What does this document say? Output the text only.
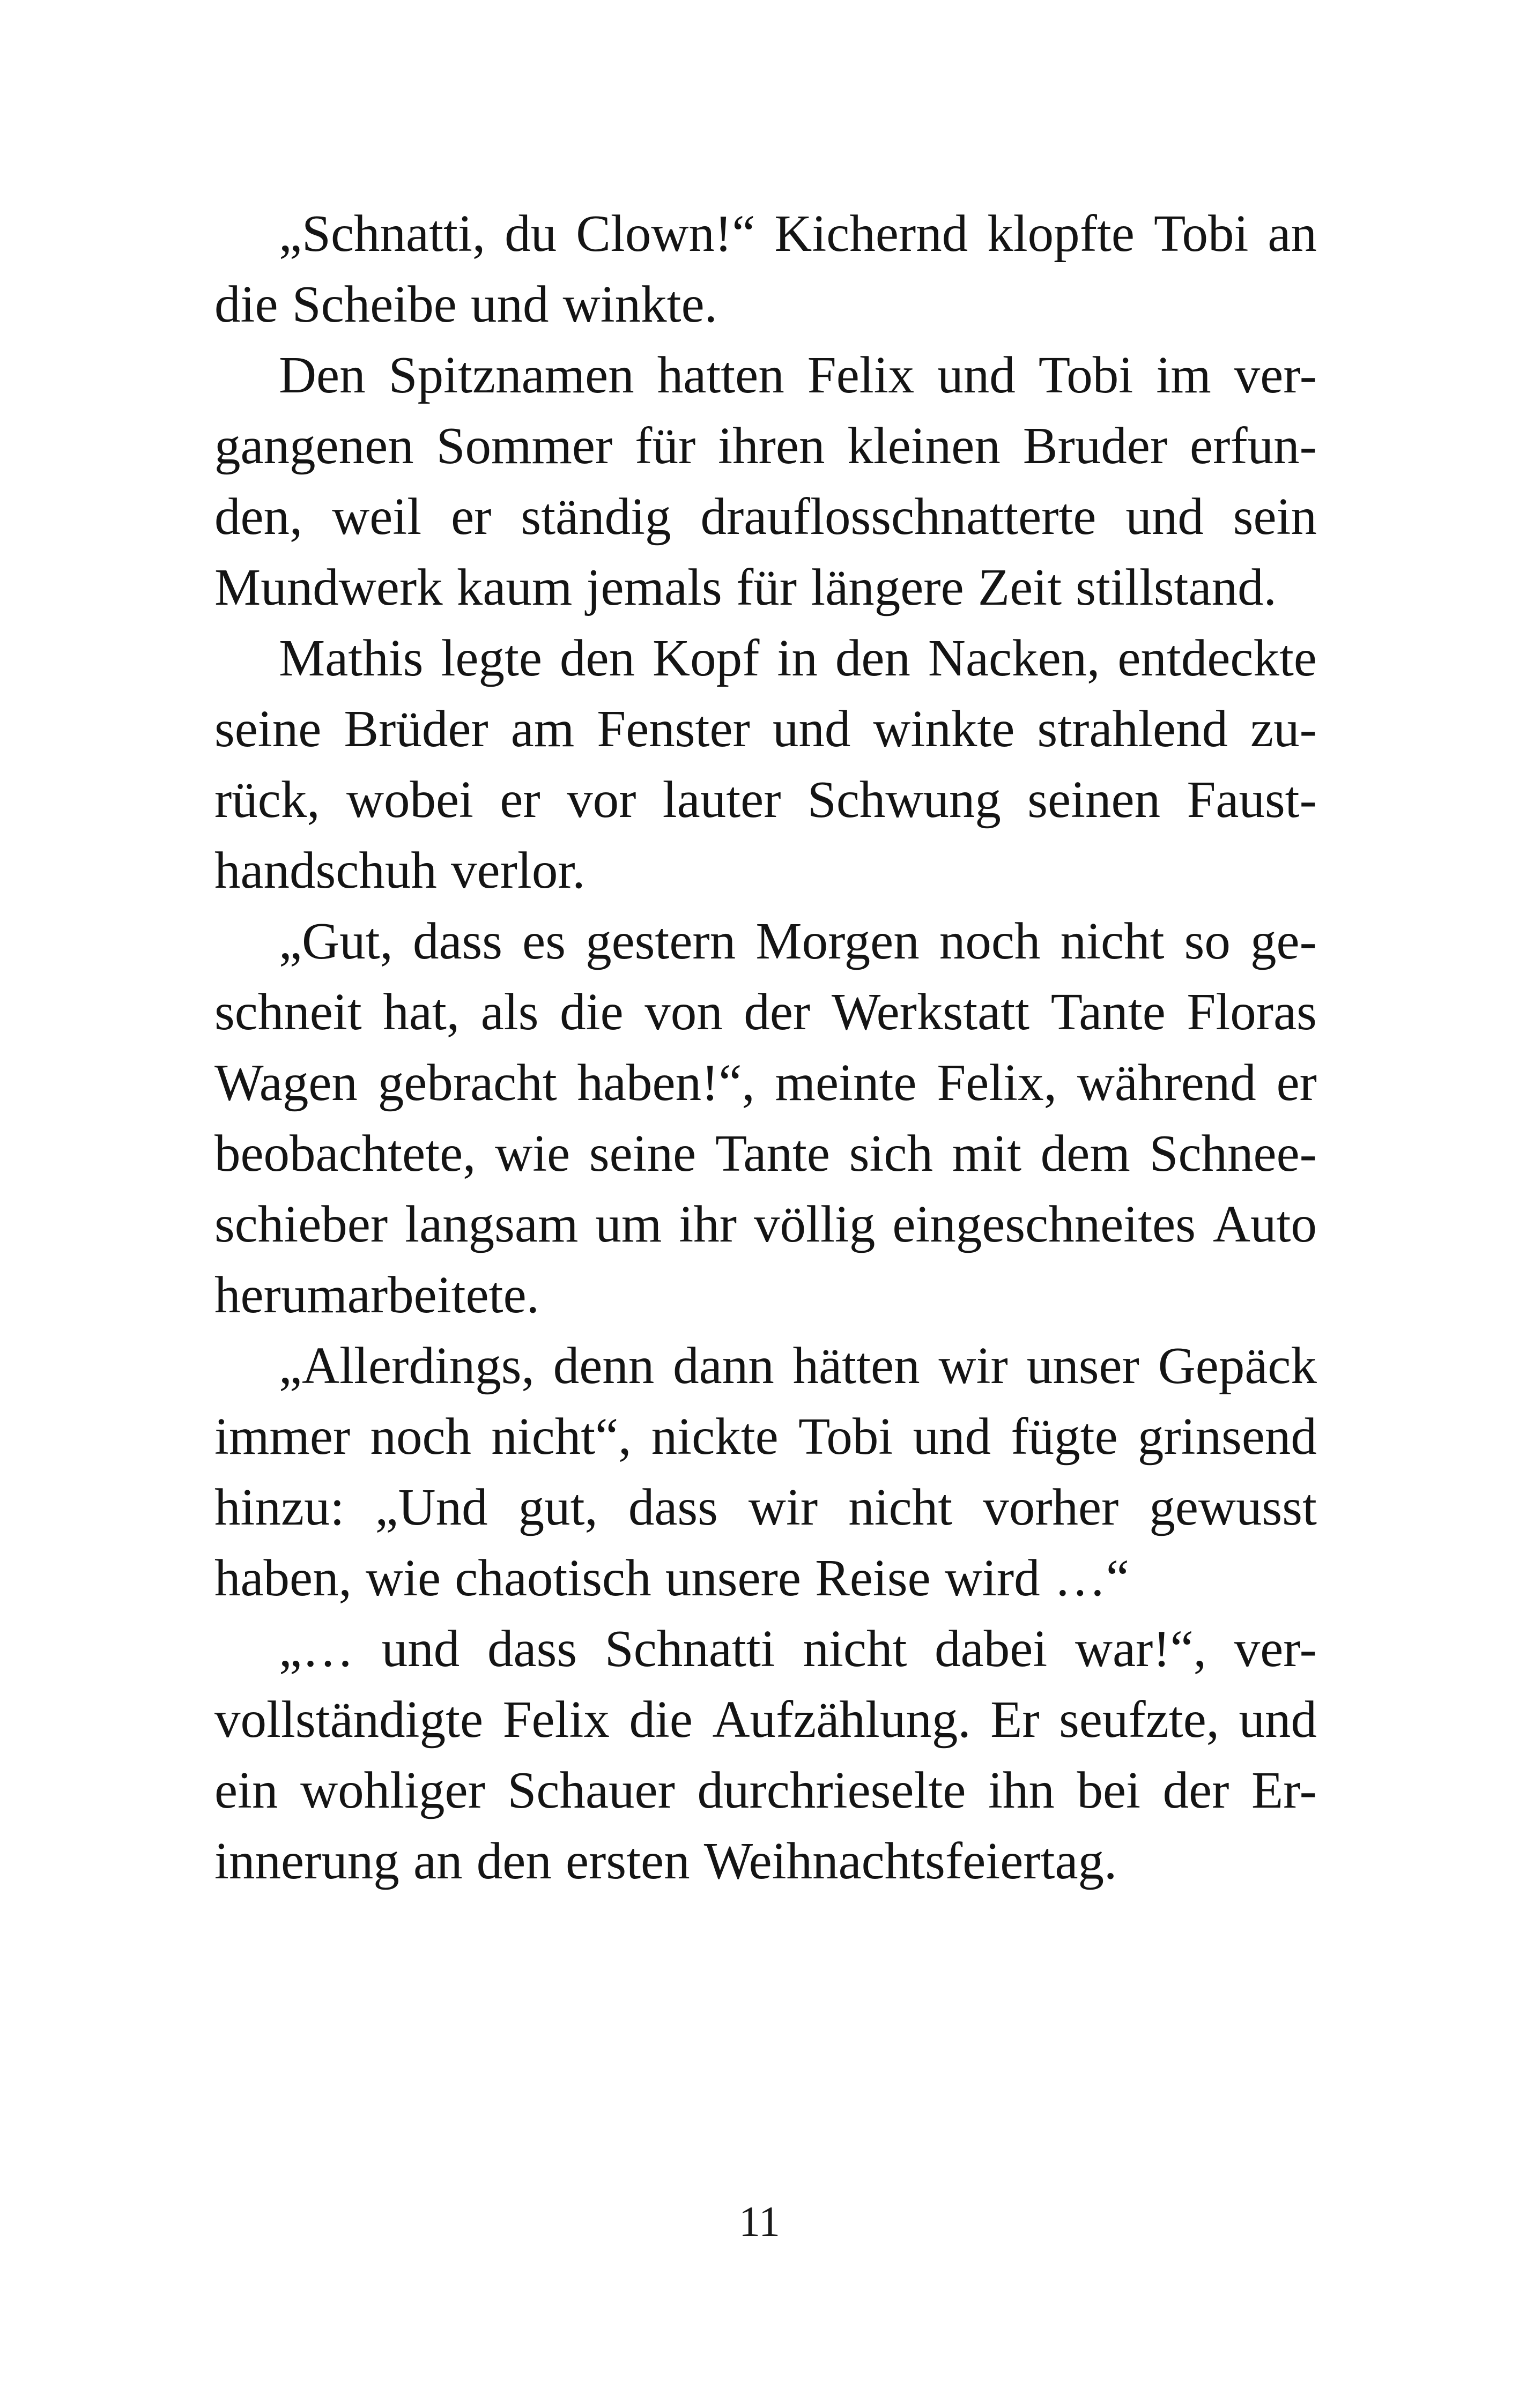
„Schnatti, du Clown!“ Kichernd klopfte Tobi an
die Scheibe und winkte.
Den Spitznamen hatten Felix und Tobi im ver-
gangenen Sommer für ihren kleinen Bruder erfun-
den, weil er ständig drauflosschnatterte und sein
Mundwerk kaum jemals für längere Zeit stillstand.
Mathis legte den Kopf in den Nacken, entdeckte
seine Brüder am Fenster und winkte strahlend zu-
rück, wobei er vor lauter Schwung seinen Faust-
handschuh verlor.
„Gut, dass es gestern Morgen noch nicht so ge-
schneit hat, als die von der Werkstatt Tante Floras
Wagen gebracht haben!“, meinte Felix, während er
beobachtete, wie seine Tante sich mit dem Schnee-
schieber langsam um ihr völlig eingeschneites Auto
herumarbeitete.
„Allerdings, denn dann hätten wir unser Gepäck
immer noch nicht“, nickte Tobi und fügte grinsend
hinzu: „Und gut, dass wir nicht vorher gewusst
haben, wie chaotisch unsere Reise wird …“
„… und dass Schnatti nicht dabei war!“, ver-
vollständigte Felix die Aufzählung. Er seufzte, und
ein wohliger Schauer durchrieselte ihn bei der Er-
innerung an den ersten Weihnachtsfeiertag.
11
